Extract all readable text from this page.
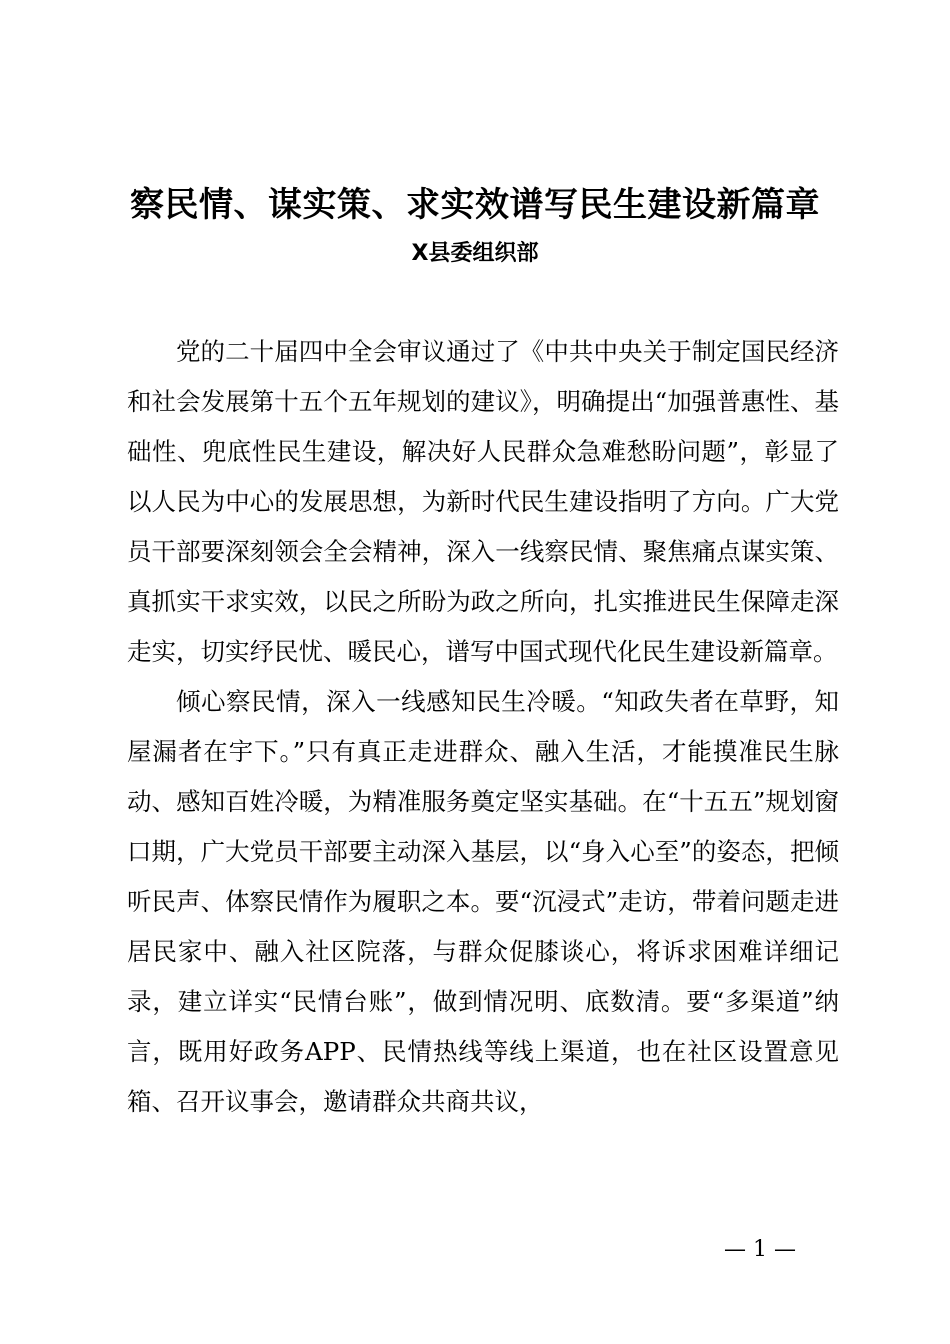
察民情、谋实策、求实效谱写民生建设新篇章
X县委组织部

党的二十届四中全会审议通过了《中共中央关于制定国民经济和社会发展第十五个五年规划的建议》，明确提出“加强普惠性、基础性、兜底性民生建设，解决好人民群众急难愁盼问题”，彰显了以人民为中心的发展思想，为新时代民生建设指明了方向。广大党员干部要深刻领会全会精神，深入一线察民情、聚焦痛点谋实策、真抓实干求实效，以民之所盼为政之所向，扎实推进民生保障走深走实，切实纾民忧、暖民心，谱写中国式现代化民生建设新篇章。

倾心察民情，深入一线感知民生冷暖。“知政失者在草野，知屋漏者在宇下。”只有真正走进群众、融入生活，才能摸准民生脉动、感知百姓冷暖，为精准服务奠定坚实基础。在“十五五”规划窗口期，广大党员干部要主动深入基层，以“身入心至”的姿态，把倾听民声、体察民情作为履职之本。要“沉浸式”走访，带着问题走进居民家中、融入社区院落，与群众促膝谈心，将诉求困难详细记录，建立详实“民情台账”，做到情况明、底数清。要“多渠道”纳言，既用好政务APP、民情热线等线上渠道，也在社区设置意见箱、召开议事会，邀请群众共商共议，

— 1 —
